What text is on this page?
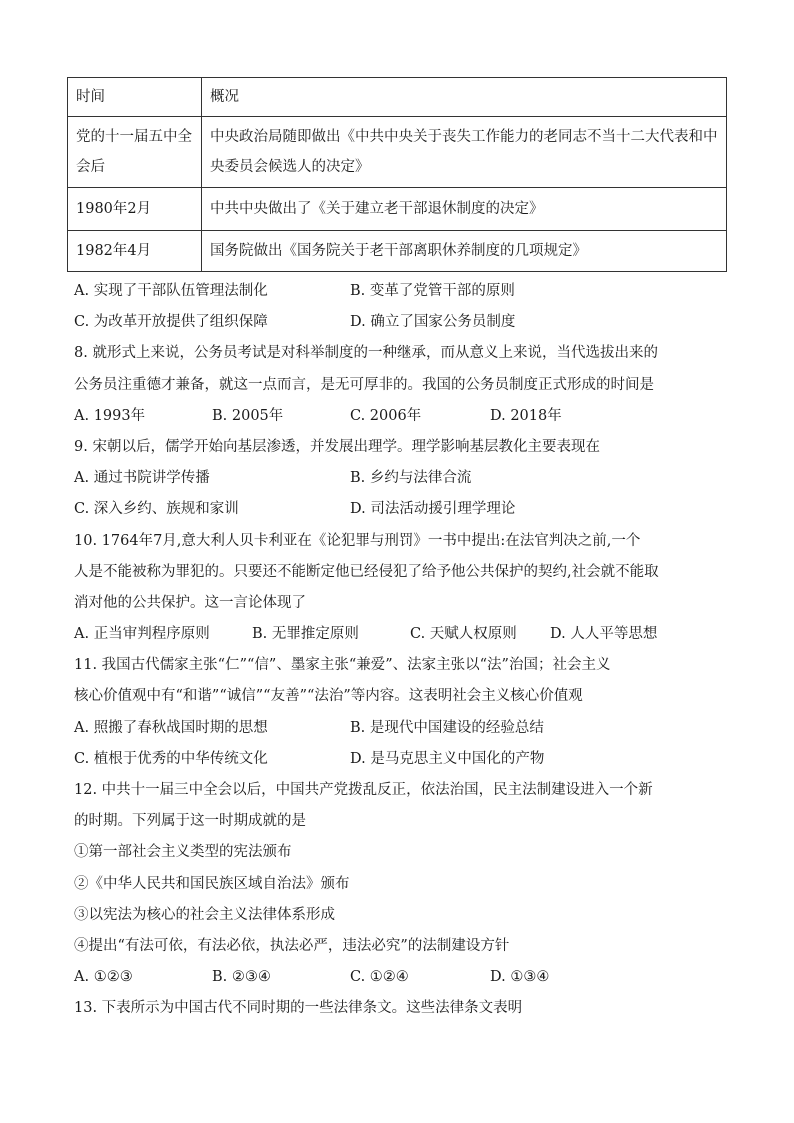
时间	概况
党的十一届五中全会后	中央政治局随即做出《中共中央关于丧失工作能力的老同志不当十二大代表和中央委员会候选人的决定》
1980年2月	中共中央做出了《关于建立老干部退休制度的决定》
1982年4月	国务院做出《国务院关于老干部离职休养制度的几项规定》
A. 实现了干部队伍管理法制化	B. 变革了党管干部的原则
C. 为改革开放提供了组织保障	D. 确立了国家公务员制度
8. 就形式上来说，公务员考试是对科举制度的一种继承，而从意义上来说，当代选拔出来的
公务员注重德才兼备，就这一点而言，是无可厚非的。我国的公务员制度正式形成的时间是
A. 1993年	B. 2005年	C. 2006年	D. 2018年
9. 宋朝以后，儒学开始向基层渗透，并发展出理学。理学影响基层教化主要表现在
A. 通过书院讲学传播	B. 乡约与法律合流
C. 深入乡约、族规和家训	D. 司法活动援引理学理论
10. 1764年7月,意大利人贝卡利亚在《论犯罪与刑罚》一书中提出:在法官判决之前,一个
人是不能被称为罪犯的。只要还不能断定他已经侵犯了给予他公共保护的契约,社会就不能取
消对他的公共保护。这一言论体现了
A. 正当审判程序原则	B. 无罪推定原则	C. 天赋人权原则 D. 人人平等思想
11. 我国古代儒家主张“仁”“信”、墨家主张“兼爱”、法家主张以“法”治国；社会主义
核心价值观中有“和谐”“诚信”“友善”“法治”等内容。这表明社会主义核心价值观
A. 照搬了春秋战国时期的思想	B. 是现代中国建设的经验总结
C. 植根于优秀的中华传统文化	D. 是马克思主义中国化的产物
12. 中共十一届三中全会以后，中国共产党拨乱反正，依法治国，民主法制建设进入一个新
的时期。下列属于这一时期成就的是
①第一部社会主义类型的宪法颁布
②《中华人民共和国民族区域自治法》颁布
③以宪法为核心的社会主义法律体系形成
④提出“有法可依，有法必依，执法必严，违法必究”的法制建设方针
A. ①②③	B. ②③④	C. ①②④	D. ①③④
13. 下表所示为中国古代不同时期的一些法律条文。这些法律条文表明
